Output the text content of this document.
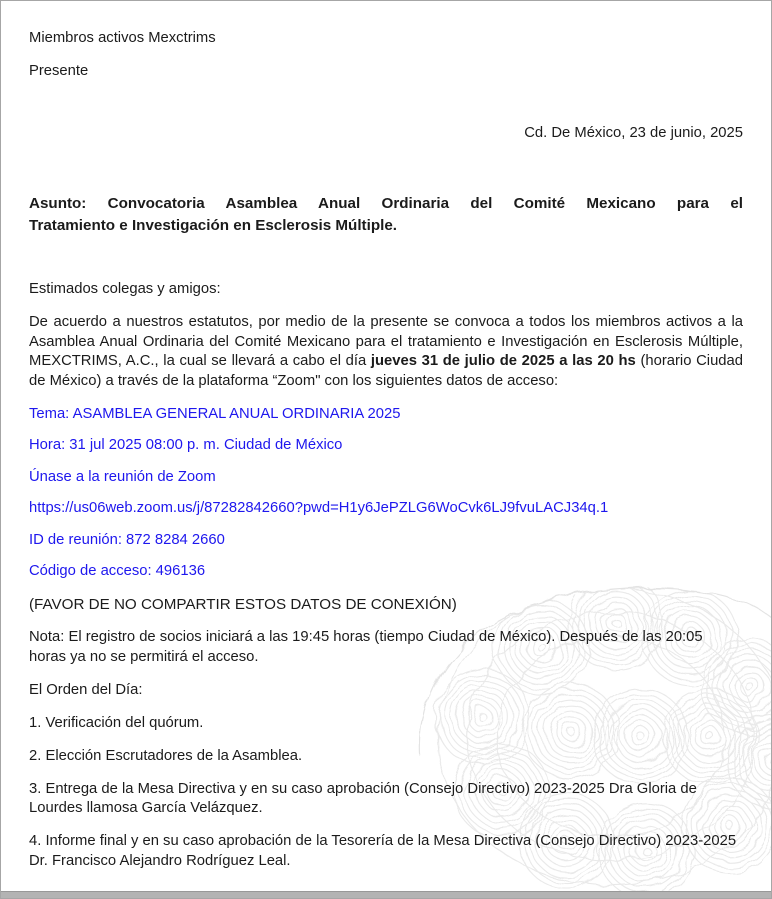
Miembros activos Mexctrims

Presente

Cd. De México, 23 de junio, 2025

Asunto: Convocatoria Asamblea Anual Ordinaria del Comité Mexicano para el
Tratamiento e Investigación en Esclerosis Múltiple.

Estimados colegas y amigos:

De acuerdo a nuestros estatutos, por medio de la presente se convoca a todos los miembros activos a la Asamblea Anual Ordinaria del Comité Mexicano para el tratamiento e Investigación en Esclerosis Múltiple, MEXCTRIMS, A.C., la cual se llevará a cabo el día jueves 31 de julio de 2025 a las 20 hs (horario Ciudad de México) a través de la plataforma “Zoom" con los siguientes datos de acceso:

Tema: ASAMBLEA GENERAL ANUAL ORDINARIA 2025

Hora: 31 jul 2025 08:00 p. m. Ciudad de México

Únase a la reunión de Zoom

https://us06web.zoom.us/j/87282842660?pwd=H1y6JePZLG6WoCvk6LJ9fvuLACJ34q.1

ID de reunión: 872 8284 2660

Código de acceso: 496136

(FAVOR DE NO COMPARTIR ESTOS DATOS DE CONEXIÓN)

Nota: El registro de socios iniciará a las 19:45 horas (tiempo Ciudad de México). Después de las 20:05 horas ya no se permitirá el acceso.

El Orden del Día:

1. Verificación del quórum.

2. Elección Escrutadores de la Asamblea.

3. Entrega de la Mesa Directiva y en su caso aprobación (Consejo Directivo) 2023-2025 Dra Gloria de Lourdes llamosa García Velázquez.

4. Informe final y en su caso aprobación de la Tesorería de la Mesa Directiva (Consejo Directivo) 2023-2025 Dr. Francisco Alejandro Rodríguez Leal.
